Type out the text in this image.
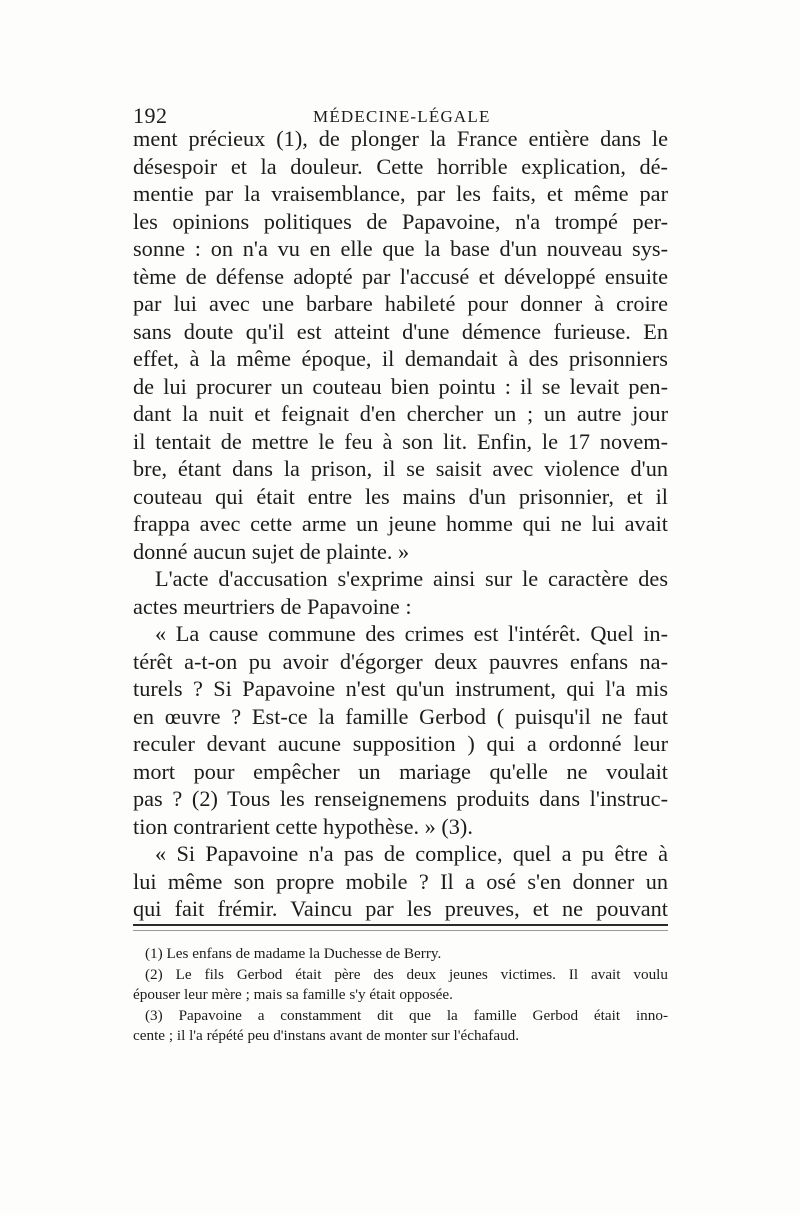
192	MÉDECINE-LÉGALE
ment précieux (1), de plonger la France entière dans le
désespoir et la douleur. Cette horrible explication, dé-
mentie par la vraisemblance, par les faits, et même par
les opinions politiques de Papavoine, n'a trompé per-
sonne : on n'a vu en elle que la base d'un nouveau sys-
tème de défense adopté par l'accusé et développé ensuite
par lui avec une barbare habileté pour donner à croire
sans doute qu'il est atteint d'une démence furieuse. En
effet, à la même époque, il demandait à des prisonniers
de lui procurer un couteau bien pointu : il se levait pen-
dant la nuit et feignait d'en chercher un ; un autre jour
il tentait de mettre le feu à son lit. Enfin, le 17 novem-
bre, étant dans la prison, il se saisit avec violence d'un
couteau qui était entre les mains d'un prisonnier, et il
frappa avec cette arme un jeune homme qui ne lui avait
donné aucun sujet de plainte. »
L'acte d'accusation s'exprime ainsi sur le caractère des
actes meurtriers de Papavoine :
« La cause commune des crimes est l'intérêt. Quel in-
térêt a-t-on pu avoir d'égorger deux pauvres enfans na-
turels ? Si Papavoine n'est qu'un instrument, qui l'a mis
en œuvre ? Est-ce la famille Gerbod ( puisqu'il ne faut
reculer devant aucune supposition ) qui a ordonné leur
mort pour empêcher un mariage qu'elle ne voulait
pas ? (2) Tous les renseignemens produits dans l'instruc-
tion contrarient cette hypothèse. » (3).
« Si Papavoine n'a pas de complice, quel a pu être à
lui même son propre mobile ? Il a osé s'en donner un
qui fait frémir. Vaincu par les preuves, et ne pouvant
(1) Les enfans de madame la Duchesse de Berry.
(2) Le fils Gerbod était père des deux jeunes victimes. Il avait voulu
épouser leur mère ; mais sa famille s'y était opposée.
(3) Papavoine a constamment dit que la famille Gerbod était inno-
cente ; il l'a répété peu d'instans avant de monter sur l'échafaud.
